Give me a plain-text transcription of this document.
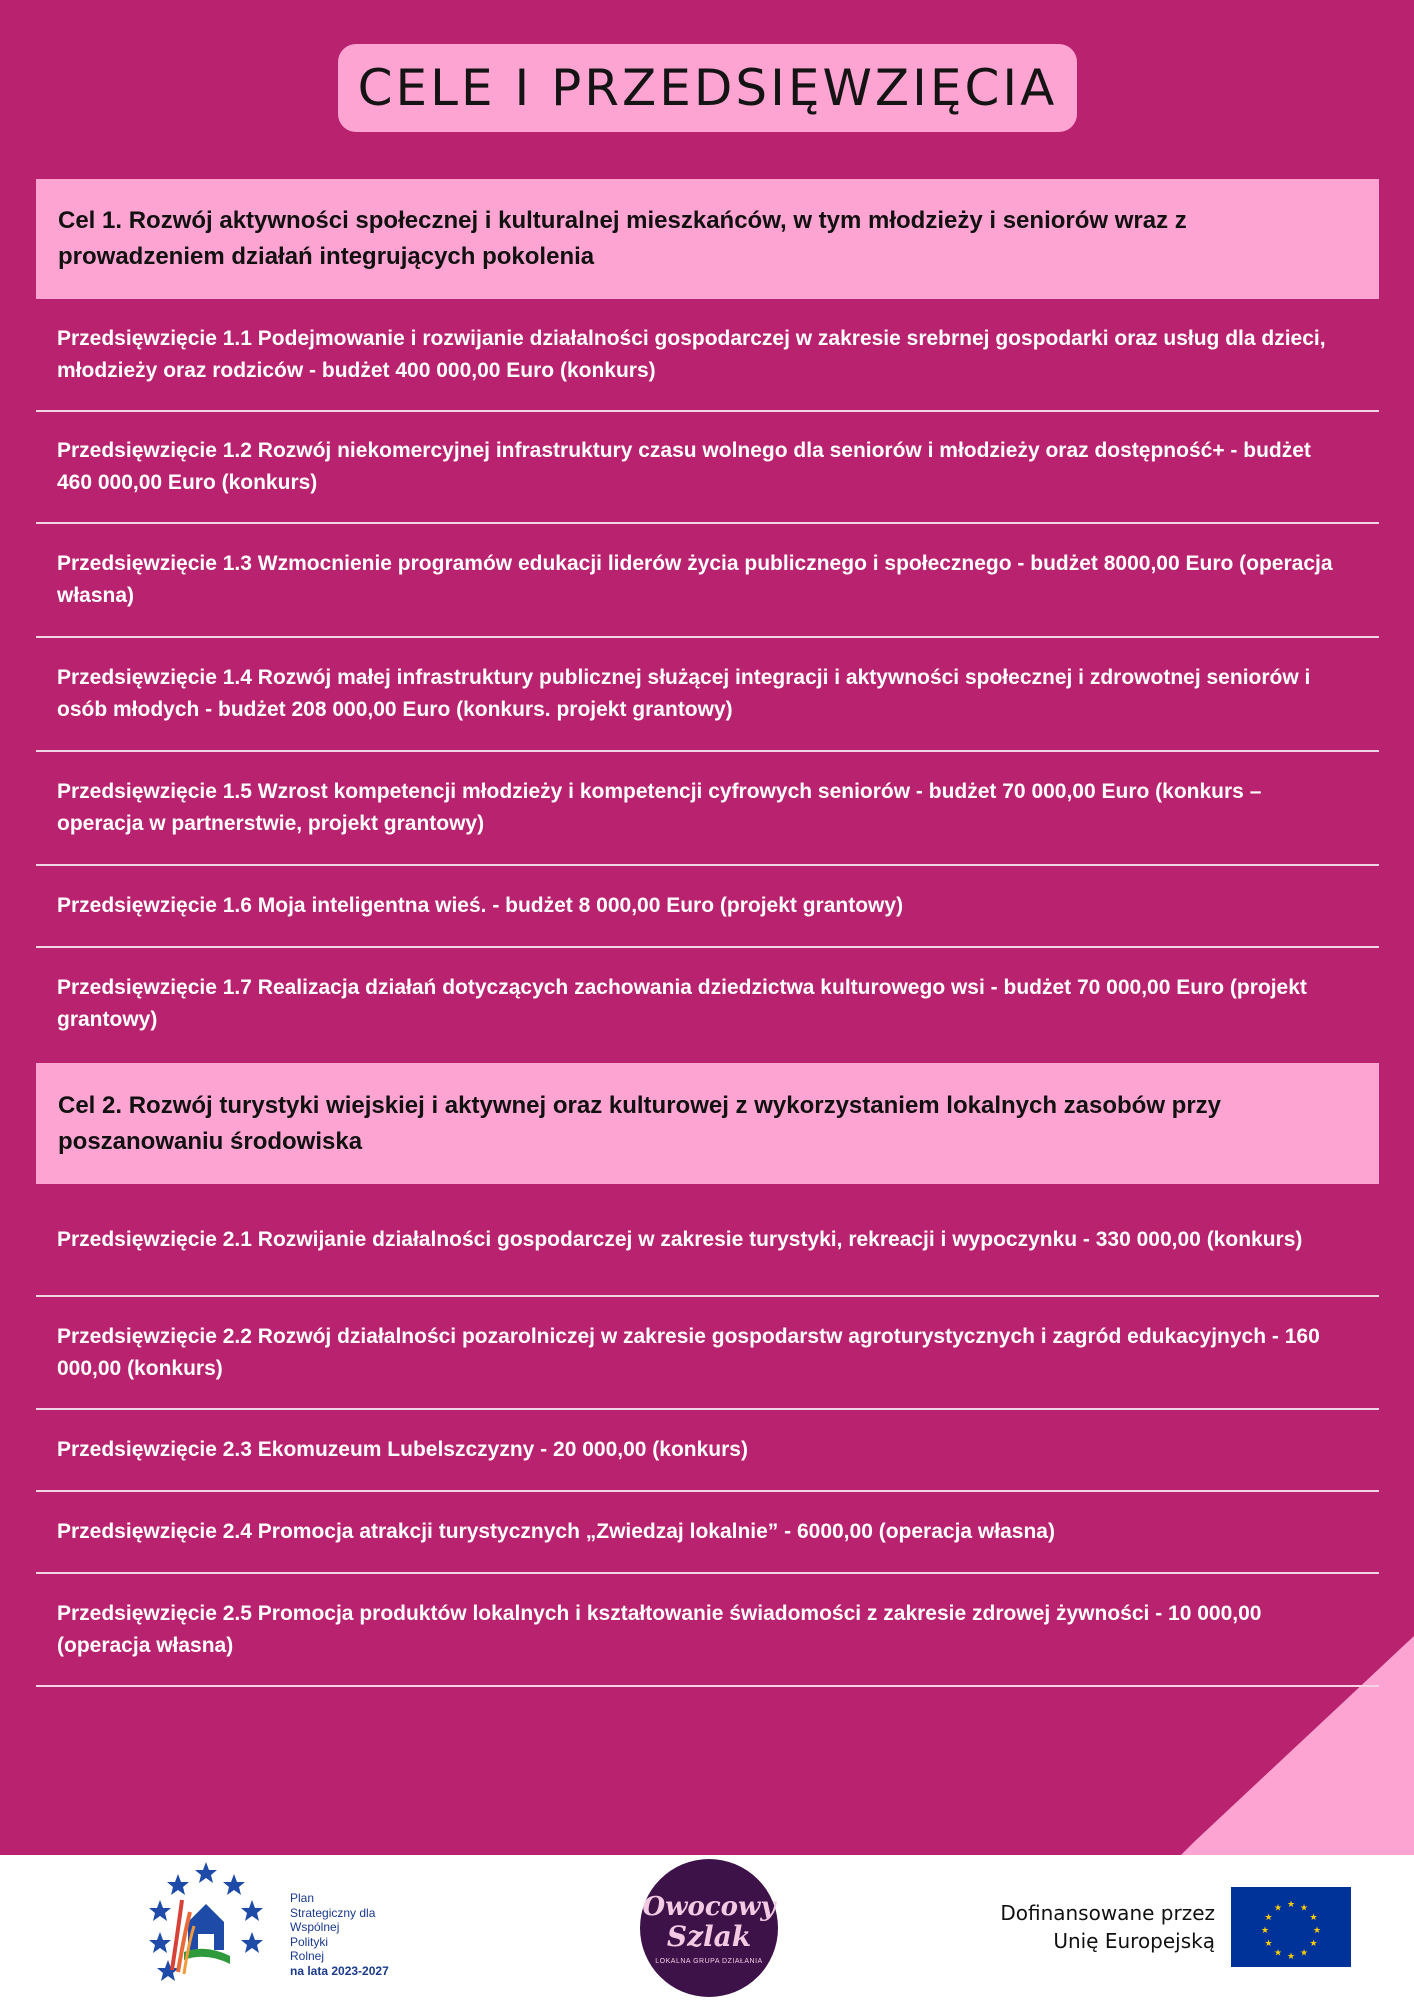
CELE I PRZEDSIĘWZIĘCIA

Cel 1. Rozwój aktywności społecznej i kulturalnej mieszkańców, w tym młodzieży i seniorów wraz z prowadzeniem działań integrujących pokolenia

Przedsięwzięcie 1.1 Podejmowanie i rozwijanie działalności gospodarczej w zakresie srebrnej gospodarki oraz usług dla dzieci, młodzieży oraz rodziców - budżet 400 000,00 Euro (konkurs)

Przedsięwzięcie 1.2 Rozwój niekomercyjnej infrastruktury czasu wolnego dla seniorów i młodzieży oraz dostępność+ - budżet 460 000,00 Euro (konkurs)

Przedsięwzięcie 1.3 Wzmocnienie programów edukacji liderów życia publicznego i społecznego - budżet 8000,00 Euro (operacja własna)

Przedsięwzięcie 1.4 Rozwój małej infrastruktury publicznej służącej integracji i aktywności społecznej i zdrowotnej seniorów i osób młodych - budżet 208 000,00 Euro (konkurs. projekt grantowy)

Przedsięwzięcie 1.5 Wzrost kompetencji młodzieży i kompetencji cyfrowych seniorów - budżet 70 000,00 Euro (konkurs – operacja w partnerstwie, projekt grantowy)

Przedsięwzięcie 1.6 Moja inteligentna wieś. - budżet 8 000,00 Euro (projekt grantowy)

Przedsięwzięcie 1.7 Realizacja działań dotyczących zachowania dziedzictwa kulturowego wsi - budżet 70 000,00 Euro (projekt grantowy)

Cel 2. Rozwój turystyki wiejskiej i aktywnej oraz kulturowej z wykorzystaniem lokalnych zasobów przy poszanowaniu środowiska

Przedsięwzięcie 2.1 Rozwijanie działalności gospodarczej w zakresie turystyki, rekreacji i wypoczynku - 330 000,00 (konkurs)

Przedsięwzięcie 2.2 Rozwój działalności pozarolniczej w zakresie gospodarstw agroturystycznych i zagród edukacyjnych - 160 000,00 (konkurs)

Przedsięwzięcie 2.3 Ekomuzeum Lubelszczyzny - 20 000,00 (konkurs)

Przedsięwzięcie 2.4 Promocja atrakcji turystycznych „Zwiedzaj lokalnie” - 6000,00 (operacja własna)

Przedsięwzięcie 2.5 Promocja produktów lokalnych i kształtowanie świadomości z zakresie zdrowej żywności - 10 000,00 (operacja własna)

Plan
Strategiczny dla
Wspólnej
Polityki
Rolnej
na lata 2023-2027
Owocowy
Szlak
LOKALNA GRUPA DZIAŁANIA
Dofinansowane przez
Unię Europejską
★ ★
★
★
★
★
★
★
★
★
★
★
